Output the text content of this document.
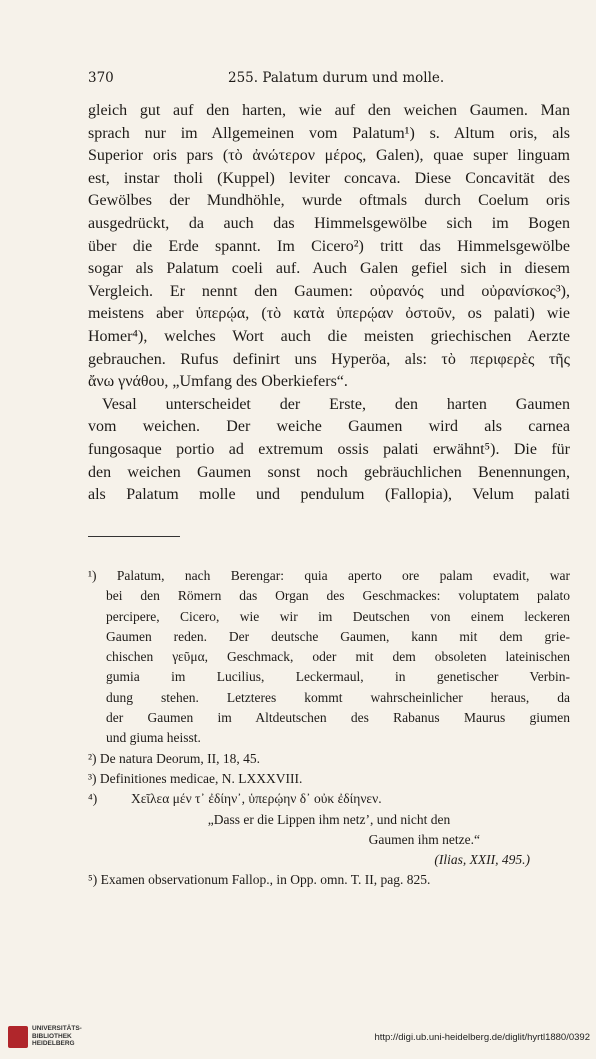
370	255. Palatum durum und molle.
gleich gut auf den harten, wie auf den weichen Gaumen. Man
sprach nur im Allgemeinen vom Palatum¹) s. Altum oris, als
Superior oris pars (τὸ ἀνώτερον μέρος, Galen), quae super linguam
est, instar tholi (Kuppel) leviter concava. Diese Concavität des
Gewölbes der Mundhöhle, wurde oftmals durch Coelum oris
ausgedrückt, da auch das Himmelsgewölbe sich im Bogen
über die Erde spannt. Im Cicero²) tritt das Himmelsgewölbe
sogar als Palatum coeli auf. Auch Galen gefiel sich in diesem
Vergleich. Er nennt den Gaumen: οὐρανός und οὐρανίσκος³),
meistens aber ὑπερῴα, (τὸ κατὰ ὑπερῴαν ὀστοῦν, os palati) wie
Homer⁴), welches Wort auch die meisten griechischen Aerzte
gebrauchen. Rufus definirt uns Hyperöa, als: τὸ περιφερὲς τῆς
ἄνω γνάθου, „Umfang des Oberkiefers“.
Vesal unterscheidet der Erste, den harten Gaumen
vom weichen. Der weiche Gaumen wird als carnea
fungosaque portio ad extremum ossis palati erwähnt⁵). Die für
den weichen Gaumen sonst noch gebräuchlichen Benennungen,
als Palatum molle und pendulum (Fallopia), Velum palati
¹) Palatum, nach Berengar: quia aperto ore palam evadit, war
bei den Römern das Organ des Geschmackes: voluptatem palato
percipere, Cicero, wie wir im Deutschen von einem leckeren
Gaumen reden. Der deutsche Gaumen, kann mit dem grie-
chischen γεῦμα, Geschmack, oder mit dem obsoleten lateinischen
gumia im Lucilius, Leckermaul, in genetischer Verbin-
dung stehen. Letzteres kommt wahrscheinlicher heraus, da
der Gaumen im Altdeutschen des Rabanus Maurus giumen
und giuma heisst.
²) De natura Deorum, II, 18, 45.
³) Definitiones medicae, N. LXXXVIII.
⁴)          Χεῖλεα μέν τ᾽ ἐδίην᾽, ὑπερῴην δ᾽ οὐκ ἐδίηνεν.
„Dass er die Lippen ihm netz’, und nicht den
Gaumen ihm netze.“
(Ilias, XXII, 495.)
⁵) Examen observationum Fallop., in Opp. omn. T. II, pag. 825.
UNIVERSITÄTS-
BIBLIOTHEK
HEIDELBERG
http://digi.ub.uni-heidelberg.de/diglit/hyrtl1880/0392
